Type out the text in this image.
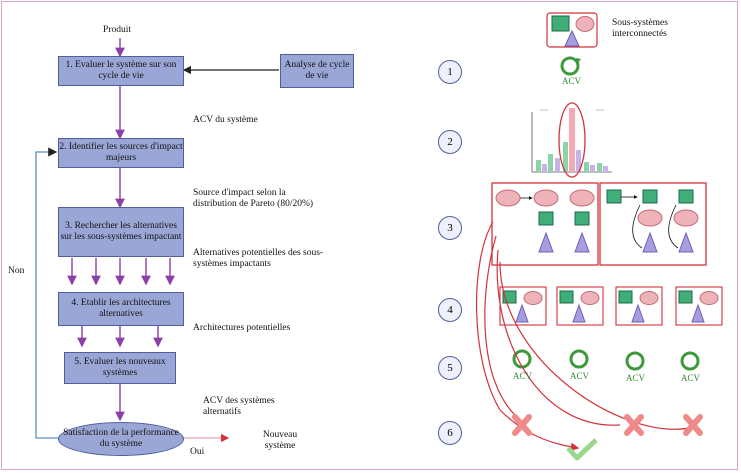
Produit
1. Evaluer le système sur son cycle de vie
Analyse de cycle de vie
2. Identifier les sources d'impact majeurs
3. Rechercher les alternatives sur les sous-systèmes impactant
4. Etablir les architectures alternatives
5. Evaluer les nouveaux systèmes
Satisfaction de la performance du système
Non
Oui
Nouveau système
ACV du système
Source d'impact selon la distribution de Pareto (80/20%)
Alternatives potentielles des sous-systèmes impactants
Architectures potentielles
ACV des systèmes alternatifs
Sous-systèmes interconnectés
ACV
ACV	ACV	ACV	ACV
1
2
3
4
5
6
